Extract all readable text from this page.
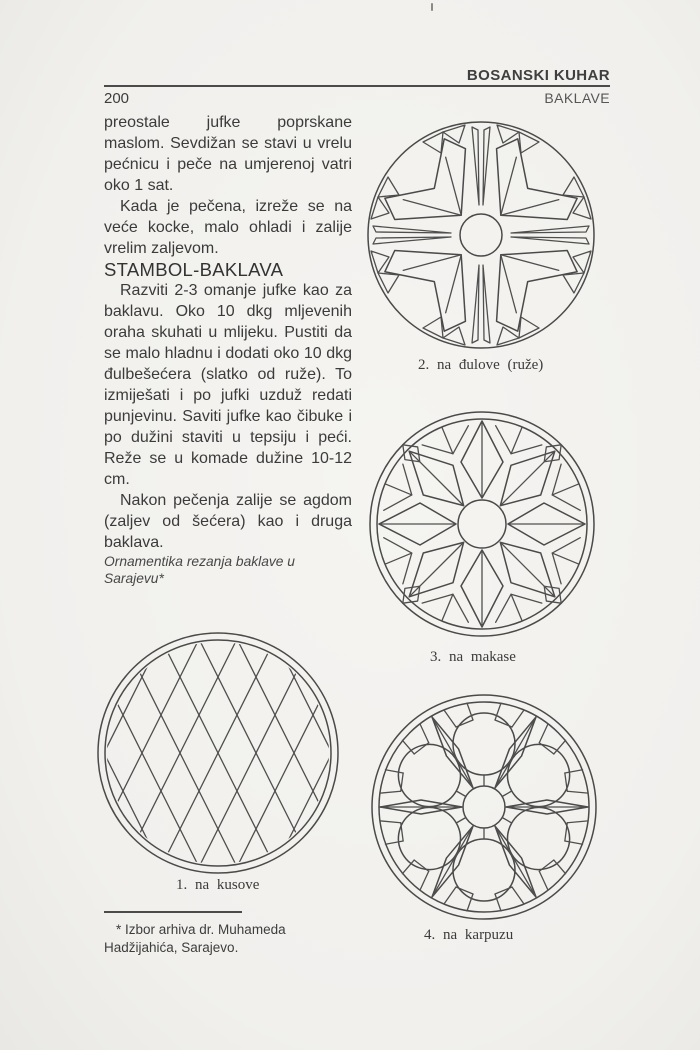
BOSANSKI KUHAR
BAKLAVE
200

preostale jufke poprskane maslom. Sevdižan se stavi u vrelu pećnicu i peče na umjerenoj vatri oko 1 sat.

Kada je pečena, izreže se na veće kocke, malo ohladi i zalije vrelim zaljevom.

STAMBOL-BAKLAVA

Razviti 2-3 omanje jufke kao za baklavu. Oko 10 dkg mljevenih oraha skuhati u mlijeku. Pustiti da se malo hladnu i dodati oko 10 dkg đulbešećera (slatko od ruže). To izmiješati i po jufki uzduž redati punjevinu. Saviti jufke kao čibuke i po dužini staviti u tepsiju i peći. Reže se u komade dužine 10-12 cm.

Nakon pečenja zalije se agdom (zaljev od šećera) kao i druga baklava.

Ornamentika rezanja baklave u Sarajevu*

2. na đulove (ruže)
3. na makase
1. na kusove
4. na karpuzu
* Izbor arhiva dr. Muhameda Hadžijahića, Sarajevo.
